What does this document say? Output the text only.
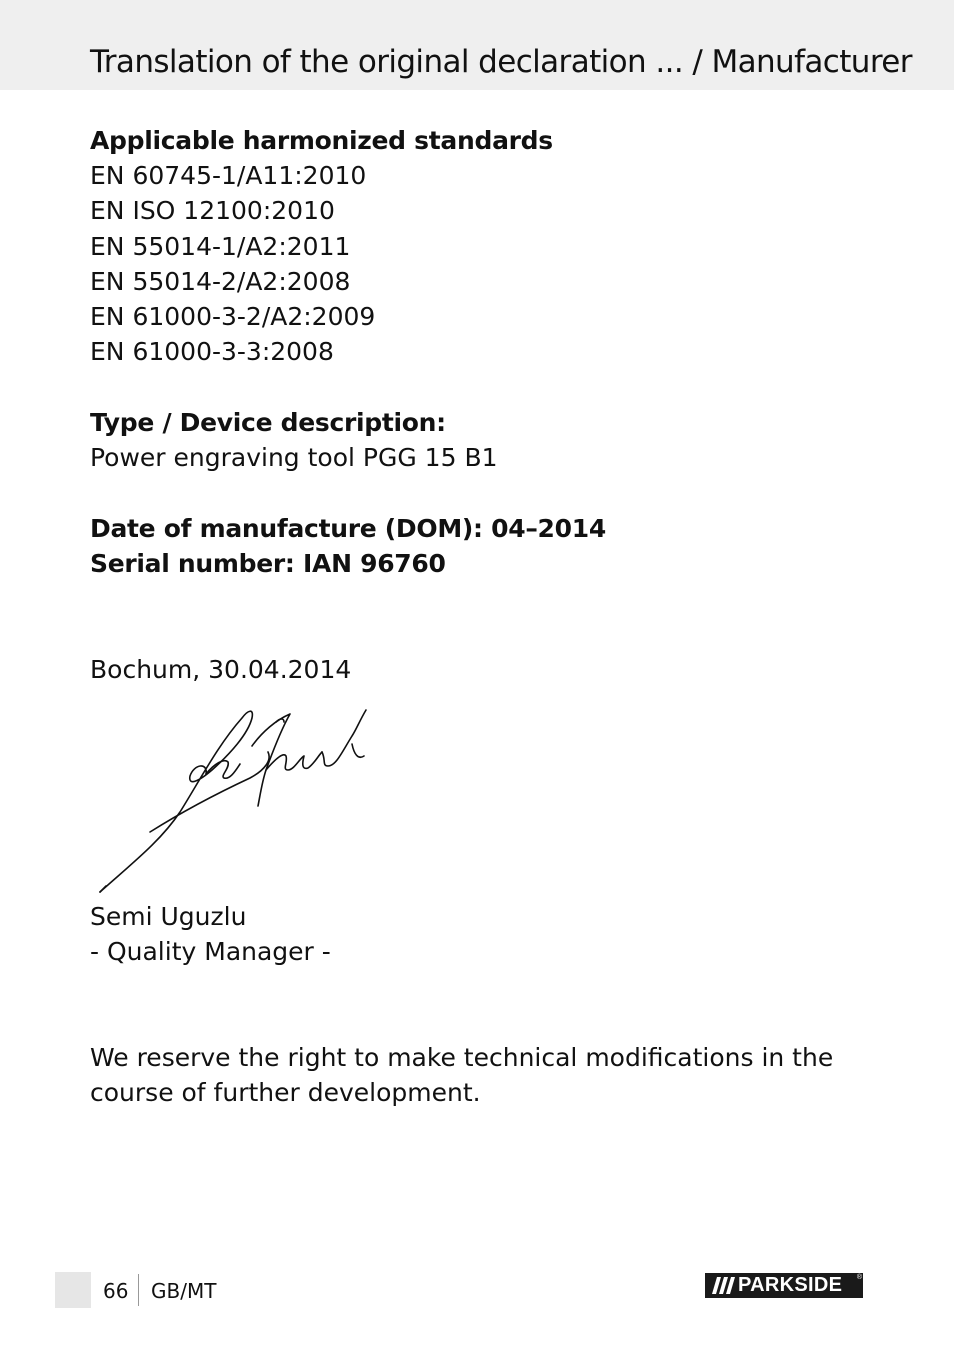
Translation of the original declaration ... / Manufacturer
Applicable harmonized standards
EN 60745-1/A11:2010
EN ISO 12100:2010
EN 55014-1/A2:2011
EN 55014-2/A2:2008
EN 61000-3-2/A2:2009
EN 61000-3-3:2008
Type / Device description:
Power engraving tool PGG 15 B1
Date of manufacture (DOM): 04–2014
Serial number: IAN 96760
Bochum, 30.04.2014
Semi Uguzlu
- Quality Manager -

We reserve the right to make technical modifications in the course of further development.

66 GB/MT	PARKSIDE ®
